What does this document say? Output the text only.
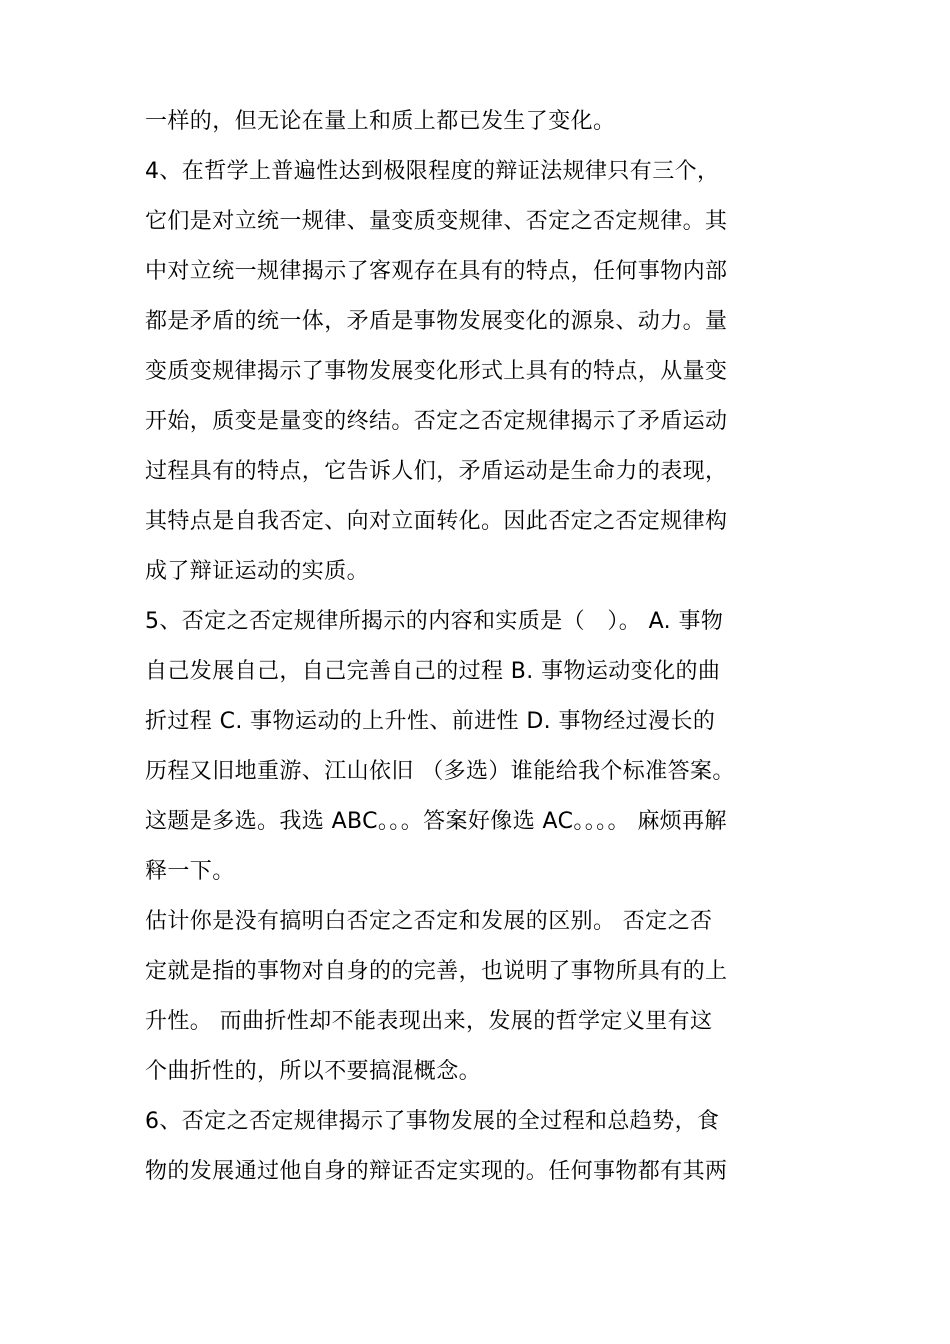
一样的，但无论在量上和质上都已发生了变化。
4、在哲学上普遍性达到极限程度的辩证法规律只有三个，
它们是对立统一规律、量变质变规律、否定之否定规律。其
中对立统一规律揭示了客观存在具有的特点，任何事物内部
都是矛盾的统一体，矛盾是事物发展变化的源泉、动力。量
变质变规律揭示了事物发展变化形式上具有的特点，从量变
开始，质变是量变的终结。否定之否定规律揭示了矛盾运动
过程具有的特点，它告诉人们，矛盾运动是生命力的表现，
其特点是自我否定、向对立面转化。因此否定之否定规律构
成了辩证运动的实质。
5、否定之否定规律所揭示的内容和实质是（　）。 A. 事物
自己发展自己，自己完善自己的过程 B. 事物运动变化的曲
折过程 C. 事物运动的上升性、前进性 D. 事物经过漫长的
历程又旧地重游、江山依旧 （多选）谁能给我个标准答案。
这题是多选。我选 ABC。。。答案好像选 AC。。。。 麻烦再解
释一下。
估计你是没有搞明白否定之否定和发展的区别。 否定之否
定就是指的事物对自身的的完善，也说明了事物所具有的上
升性。 而曲折性却不能表现出来，发展的哲学定义里有这
个曲折性的，所以不要搞混概念。
6、否定之否定规律揭示了事物发展的全过程和总趋势，食
物的发展通过他自身的辩证否定实现的。任何事物都有其两
